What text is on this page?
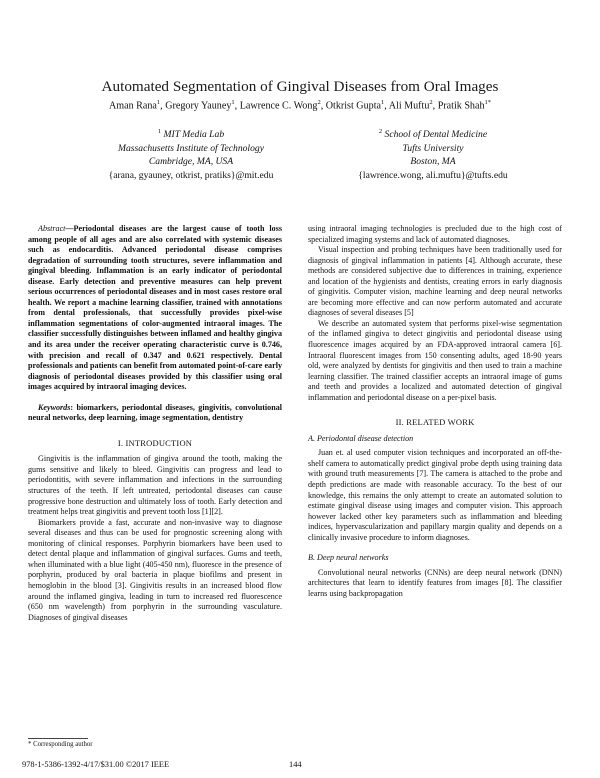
Automated Segmentation of Gingival Diseases from Oral Images
Aman Rana$^1$, Gregory Yauney$^1$, Lawrence C. Wong$^2$, Otkrist Gupta$^1$, Ali Muftu$^2$, Pratik Shah$^{1*}$
$^1$ MIT Media Lab
Massachusetts Institute of Technology
Cambridge, MA, USA
{arana, gyauney, otkrist, pratiks}@mit.edu
$^2$ School of Dental Medicine
Tufts University
Boston, MA
{lawrence.wong, ali.muftu}@tufts.edu

Abstract—Periodontal diseases are the largest cause of tooth loss among people of all ages and are also correlated with systemic diseases such as endocarditis. Advanced periodontal disease comprises degradation of surrounding tooth structures, severe inflammation and gingival bleeding. Inflammation is an early indicator of periodontal disease. Early detection and preventive measures can help prevent serious occurrences of periodontal diseases and in most cases restore oral health. We report a machine learning classifier, trained with annotations from dental professionals, that successfully provides pixel-wise inflammation segmentations of color-augmented intraoral images. The classifier successfully distinguishes between inflamed and healthy gingiva and its area under the receiver operating characteristic curve is 0.746, with precision and recall of 0.347 and 0.621 respectively. Dental professionals and patients can benefit from automated point-of-care early diagnosis of periodontal diseases provided by this classifier using oral images acquired by intraoral imaging devices.

Keywords: biomarkers, periodontal diseases, gingivitis, convolutional neural networks, deep learning, image segmentation, dentistry

I. INTRODUCTION

Gingivitis is the inflammation of gingiva around the tooth, making the gums sensitive and likely to bleed. Gingivitis can progress and lead to periodontitis, with severe inflammation and infections in the surrounding structures of the teeth. If left untreated, periodontal diseases can cause progressive bone destruction and ultimately loss of tooth. Early detection and treatment helps treat gingivitis and prevent tooth loss [1][2].

Biomarkers provide a fast, accurate and non-invasive way to diagnose several diseases and thus can be used for prognostic screening along with monitoring of clinical responses. Porphyrin biomarkers have been used to detect dental plaque and inflammation of gingival surfaces. Gums and teeth, when illuminated with a blue light (405-450 nm), fluoresce in the presence of porphyrin, produced by oral bacteria in plaque biofilms and present in hemoglobin in the blood [3]. Gingivitis results in an increased blood flow around the inflamed gingiva, leading in turn to increased red fluorescence (650 nm wavelength) from porphyrin in the surrounding vasculature. Diagnoses of gingival diseases

using intraoral imaging technologies is precluded due to the high cost of specialized imaging systems and lack of automated diagnoses.

Visual inspection and probing techniques have been traditionally used for diagnosis of gingival inflammation in patients [4]. Although accurate, these methods are considered subjective due to differences in training, experience and location of the hygienists and dentists, creating errors in early diagnosis of gingivitis. Computer vision, machine learning and deep neural networks are becoming more effective and can now perform automated and accurate diagnoses of several diseases [5]

We describe an automated system that performs pixel-wise segmentation of the inflamed gingiva to detect gingivitis and periodontal disease using fluorescence images acquired by an FDA-approved intraoral camera [6]. Intraoral fluorescent images from 150 consenting adults, aged 18-90 years old, were analyzed by dentists for gingivitis and then used to train a machine learning classifier. The trained classifier accepts an intraoral image of gums and teeth and provides a localized and automated detection of gingival inflammation and periodontal disease on a per-pixel basis.

II. RELATED WORK

A. Periodontal disease detection

Juan et. al used computer vision techniques and incorporated an off-the-shelf camera to automatically predict gingival probe depth using training data with ground truth measurements [7]. The camera is attached to the probe and depth predictions are made with reasonable accuracy. To the best of our knowledge, this remains the only attempt to create an automated solution to estimate gingival disease using images and computer vision. This approach however lacked other key parameters such as inflammation and bleeding indices, hypervascularization and papillary margin quality and depends on a clinically invasive procedure to inform diagnoses.

B. Deep neural networks

Convolutional neural networks (CNNs) are deep neural network (DNN) architectures that learn to identify features from images [8]. The classifier learns using backpropagation

* Corresponding author
978-1-5386-1392-4/17/$31.00 ©2017 IEEE	144
